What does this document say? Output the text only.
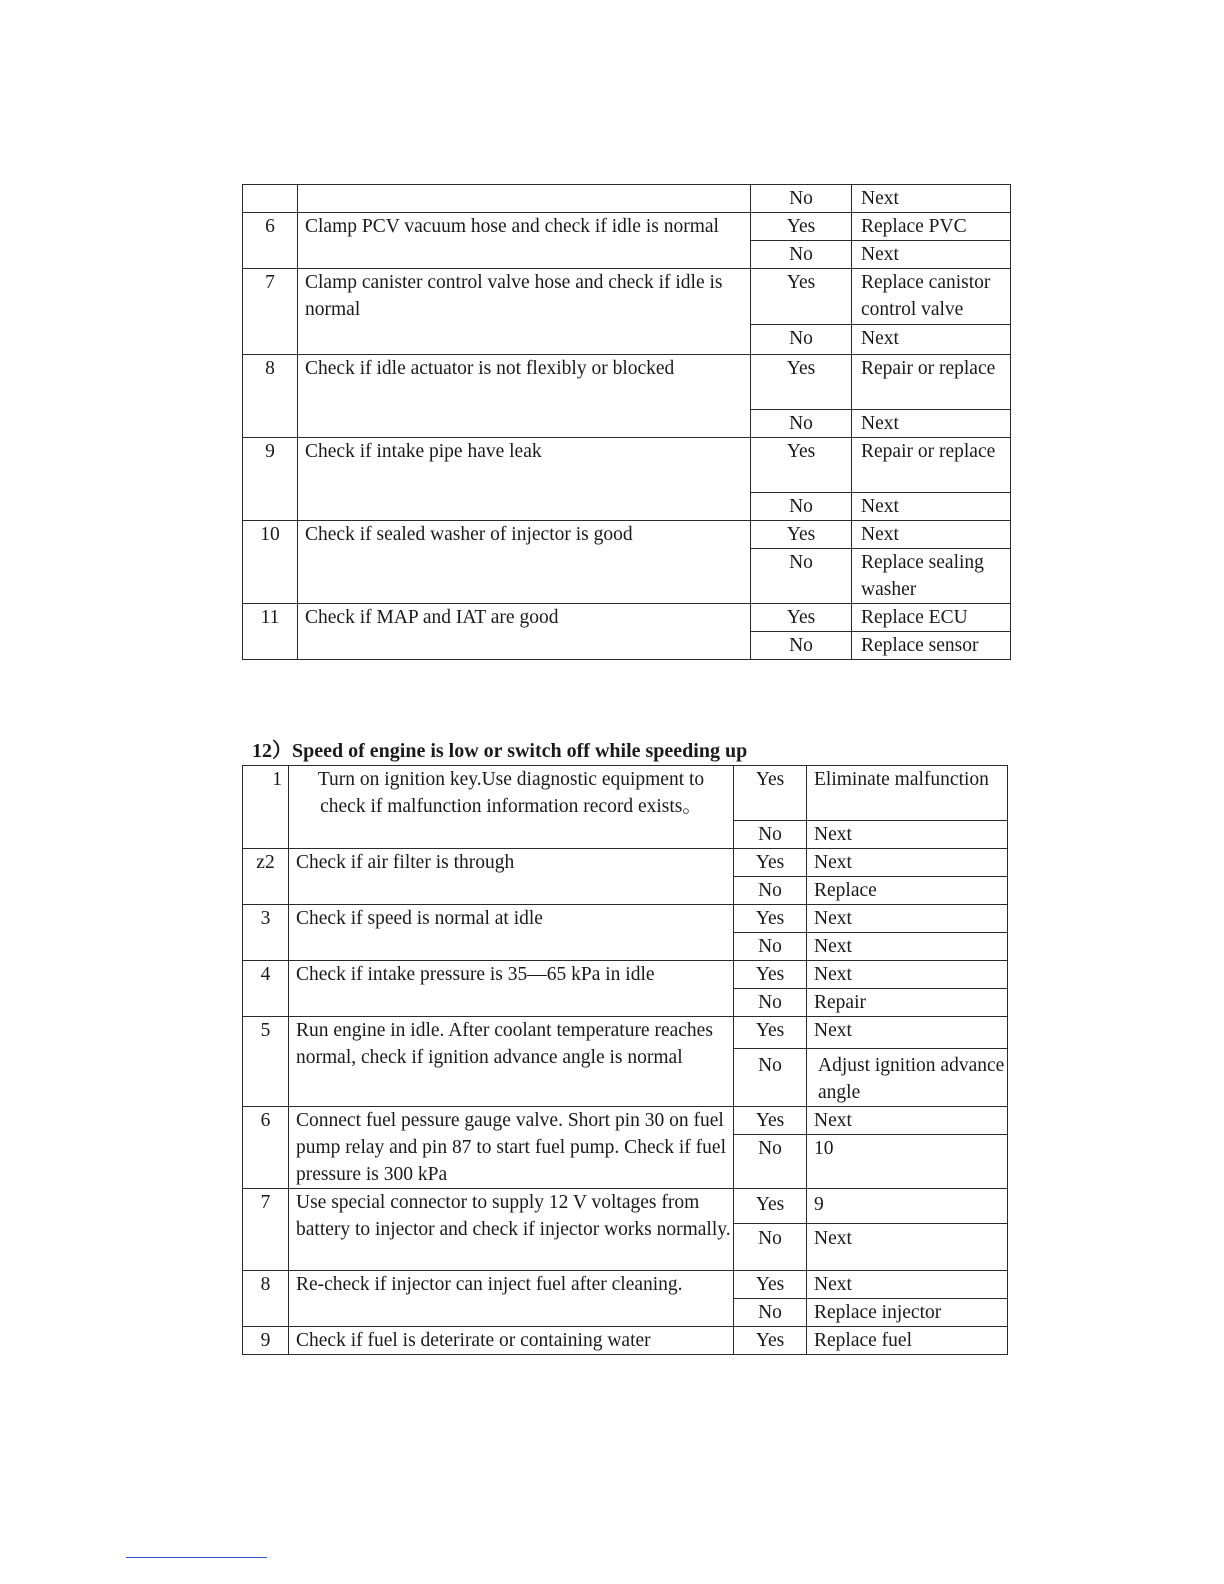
		No	Next
6	Clamp PCV vacuum hose and check if idle is normal	Yes	Replace PVC
		No	Next
7	Clamp canister control valve hose and check if idle is normal	Yes	Replace canistor control valve
		No	Next
8	Check if idle actuator is not flexibly or blocked	Yes	Repair or replace
		No	Next
9	Check if intake pipe have leak	Yes	Repair or replace
		No	Next
10	Check if sealed washer of injector is good	Yes	Next
		No	Replace sealing washer
11	Check if MAP and IAT are good	Yes	Replace ECU
		No	Replace sensor
12）Speed of engine is low or switch off while speeding up
1	Turn on ignition key.Use diagnostic equipment to check if malfunction information record exists。	Yes	Eliminate malfunction
		No	Next
z2	Check if air filter is through	Yes	Next
		No	Replace
3	Check if speed is normal at idle	Yes	Next
		No	Next
4	Check if intake pressure is 35—65 kPa in idle	Yes	Next
		No	Repair
5	Run engine in idle. After coolant temperature reaches normal, check if ignition advance angle is normal	Yes	Next
		No	Adjust ignition advance angle
6	Connect fuel pessure gauge valve. Short pin 30 on fuel pump relay and pin 87 to start fuel pump. Check if fuel pressure is 300 kPa	Yes	Next
		No	10
7	Use special connector to supply 12 V voltages from battery to injector and check if injector works normally.	Yes	9
		No	Next
8	Re-check if injector can inject fuel after cleaning.	Yes	Next
		No	Replace injector
9	Check if fuel is deterirate or containing water	Yes	Replace fuel
